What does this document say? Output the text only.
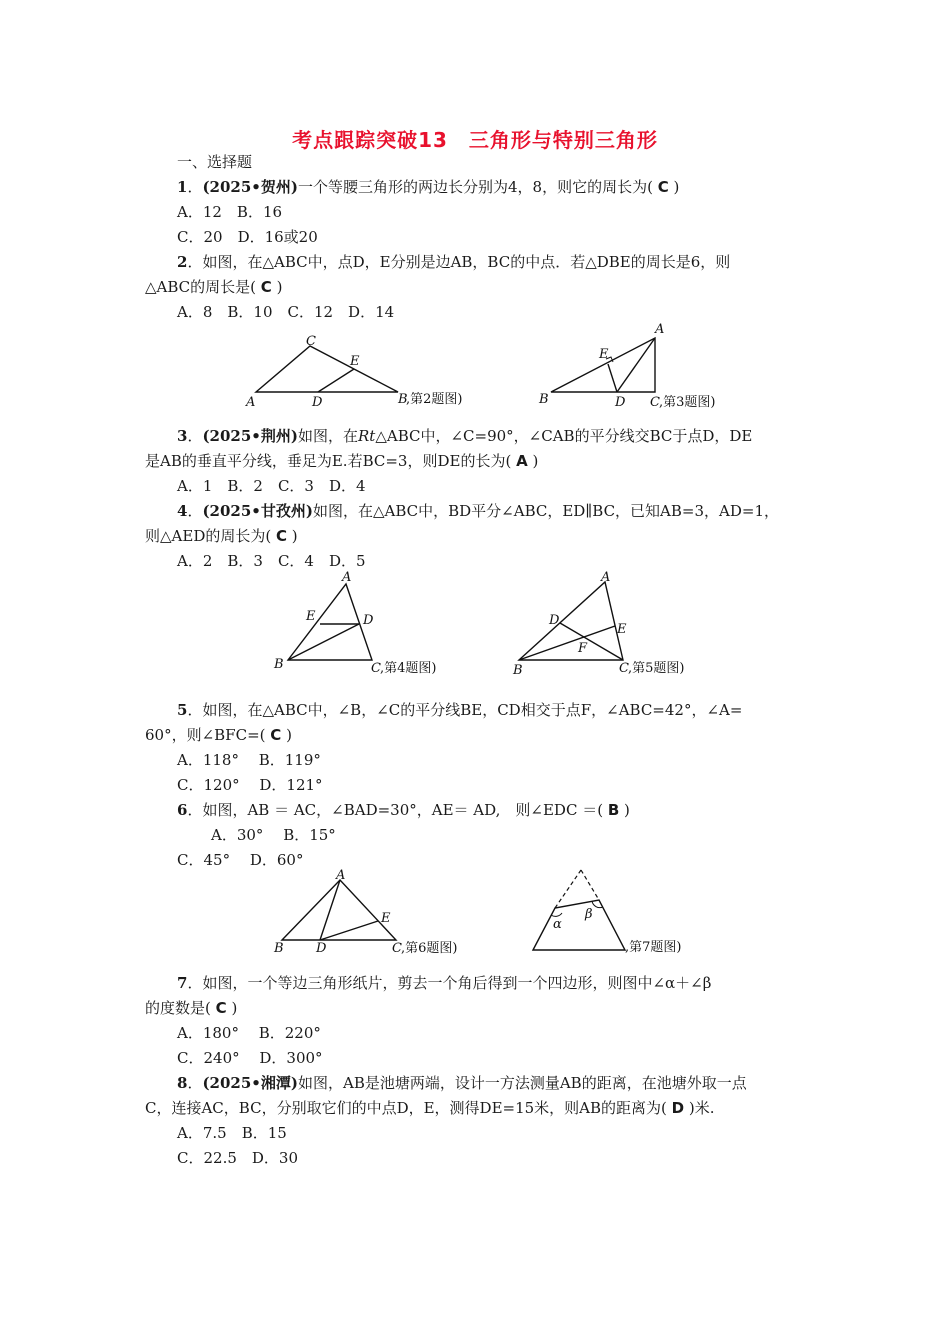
考点跟踪突破13　三角形与特别三角形
一、选择题
1．(2025•贺州)一个等腰三角形的两边长分别为4，8，则它的周长为( C )
A．12　B．16
C．20　D．16或20
2．如图，在△ABC中，点D，E分别是边AB，BC的中点．若△DBE的周长是6，则
△ABC的周长是( C )
A．8　B．10　C．12　D．14
C
E
A	D	B
,第2题图)
A
E
B	D C ,第3题图)
3．(2025•荆州)如图，在Rt△ABC中，∠C=90°，∠CAB的平分线交BC于点D，DE
是AB的垂直平分线，垂足为E.若BC=3，则DE的长为( A )
A．1　B．2　C．3　D．4
4．(2025•甘孜州)如图，在△ABC中，BD平分∠ABC，ED∥BC，已知AB=3，AD=1，
则△AED的周长为( C )
A．2　B．3　C．4　D．5
A
E	D
B	C ,第4题图)
A
D
E
F
B	C ,第5题图)
5．如图，在△ABC中，∠B，∠C的平分线BE，CD相交于点F，∠ABC=42°，∠A=
60°，则∠BFC=( C )
A．118°　 B．119°
C．120°　 D．121°
6．如图，AB ＝ AC，∠BAD=30°，AE＝ AD,　则∠EDC ＝( B )
A．30°　 B．15°
C．45°　 D．60°
A
E
B D	C ,第6题图)
α
β
,第7题图)
7．如图，一个等边三角形纸片，剪去一个角后得到一个四边形，则图中∠α＋∠β
的度数是( C )
A．180°　 B．220°
C．240°　 D．300°
8．(2025•湘潭)如图，AB是池塘两端，设计一方法测量AB的距离，在池塘外取一点
C，连接AC，BC，分别取它们的中点D，E，测得DE=15米，则AB的距离为( D )米.
A．7.5　B．15
C．22.5　D．30
